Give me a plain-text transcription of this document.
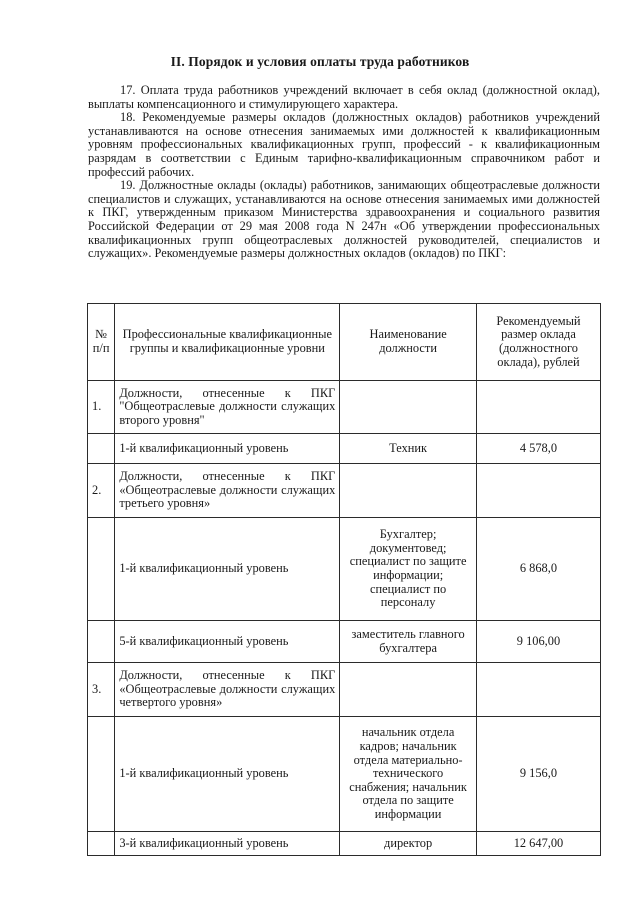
II. Порядок и условия оплаты труда работников

17. Оплата труда работников учреждений включает в себя оклад (должностной оклад), выплаты компенсационного и стимулирующего характера.

18. Рекомендуемые размеры окладов (должностных окладов) работников учреждений устанавливаются на основе отнесения занимаемых ими должностей к квалификационным уровням профессиональных квалификационных групп, профессий - к квалификационным разрядам в соответствии с Единым тарифно-квалификационным справочником работ и профессий рабочих.

19. Должностные оклады (оклады) работников, занимающих общеотраслевые должности специалистов и служащих, устанавливаются на основе отнесения занимаемых ими должностей к ПКГ, утвержденным приказом Министерства здравоохранения и социального развития Российской Федерации от 29 мая 2008 года N 247н «Об утверждении профессиональных квалификационных групп общеотраслевых должностей руководителей, специалистов и служащих». Рекомендуемые размеры должностных окладов (окладов) по ПКГ:

№ п/п	Профессиональные квалификационные группы и квалификационные уровни	Наименование должности	Рекомендуемый размер оклада (должностного оклада), рублей
1.	Должности, отнесенные к ПКГ "Общеотраслевые должности служащих второго уровня"		
	1-й квалификационный уровень	Техник	4 578,0
2.	Должности, отнесенные к ПКГ «Общеотраслевые должности служащих третьего уровня»		
	1-й квалификационный уровень	Бухгалтер; документовед; специалист по защите информации; специалист по персоналу	6 868,0
	5-й квалификационный уровень	заместитель главного бухгалтера	9 106,00
3.	Должности, отнесенные к ПКГ «Общеотраслевые должности служащих четвертого уровня»		
	1-й квалификационный уровень	начальник отдела кадров; начальник отдела материально-технического снабжения; начальник отдела по защите информации	9 156,0
	3-й квалификационный уровень	директор	12 647,00
